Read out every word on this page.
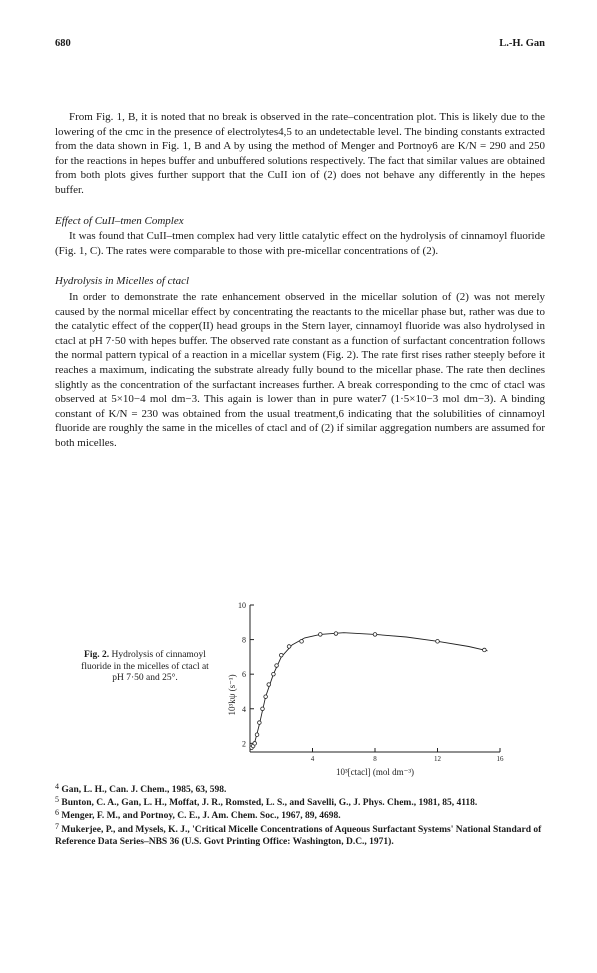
680	L.-H. Gan

From Fig. 1, B, it is noted that no break is observed in the rate–concentration plot. This is likely due to the lowering of the cmc in the presence of electrolytes4,5 to an undetectable level. The binding constants extracted from the data shown in Fig. 1, B and A by using the method of Menger and Portnoy6 are K/N = 290 and 250 for the reactions in hepes buffer and unbuffered solutions respectively. The fact that similar values are obtained from both plots gives further support that the CuII ion of (2) does not behave any differently in the hepes buffer.

Effect of CuII–tmen Complex

It was found that CuII–tmen complex had very little catalytic effect on the hydrolysis of cinnamoyl fluoride (Fig. 1, C). The rates were comparable to those with pre-micellar concentrations of (2).

Hydrolysis in Micelles of ctacl

In order to demonstrate the rate enhancement observed in the micellar solution of (2) was not merely caused by the normal micellar effect by concentrating the reactants to the micellar phase but, rather was due to the catalytic effect of the copper(II) head groups in the Stern layer, cinnamoyl fluoride was also hydrolysed in ctacl at pH 7·50 with hepes buffer. The observed rate constant as a function of surfactant concentration follows the normal pattern typical of a reaction in a micellar system (Fig. 2). The rate first rises rather steeply before it reaches a maximum, indicating the substrate already fully bound to the micellar phase. The rate then declines slightly as the concentration of the surfactant increases further. A break corresponding to the cmc of ctacl was observed at 5×10−4 mol dm−3. This again is lower than in pure water7 (1·5×10−3 mol dm−3). A binding constant of K/N = 230 was obtained from the usual treatment,6 indicating that the solubilities of cinnamoyl fluoride are roughly the same in the micelles of ctacl and of (2) if similar aggregation numbers are assumed for both micelles.

Fig. 2. Hydrolysis of cinnamoyl fluoride in the micelles of ctacl at pH 7·50 and 25°.
2
4
6
8
10
4	8	12	16
10³[ctacl] (mol dm⁻³)
10³kψ (s⁻¹)

$^4$ Gan, L. H., Can. J. Chem., 1985, 63, 598.

$^5$ Bunton, C. A., Gan, L. H., Moffat, J. R., Romsted, L. S., and Savelli, G., J. Phys. Chem., 1981, 85, 4118.

$^6$ Menger, F. M., and Portnoy, C. E., J. Am. Chem. Soc., 1967, 89, 4698.

$^7$ Mukerjee, P., and Mysels, K. J., 'Critical Micelle Concentrations of Aqueous Surfactant Systems' National Standard of Reference Data Series–NBS 36 (U.S. Govt Printing Office: Washington, D.C., 1971).
